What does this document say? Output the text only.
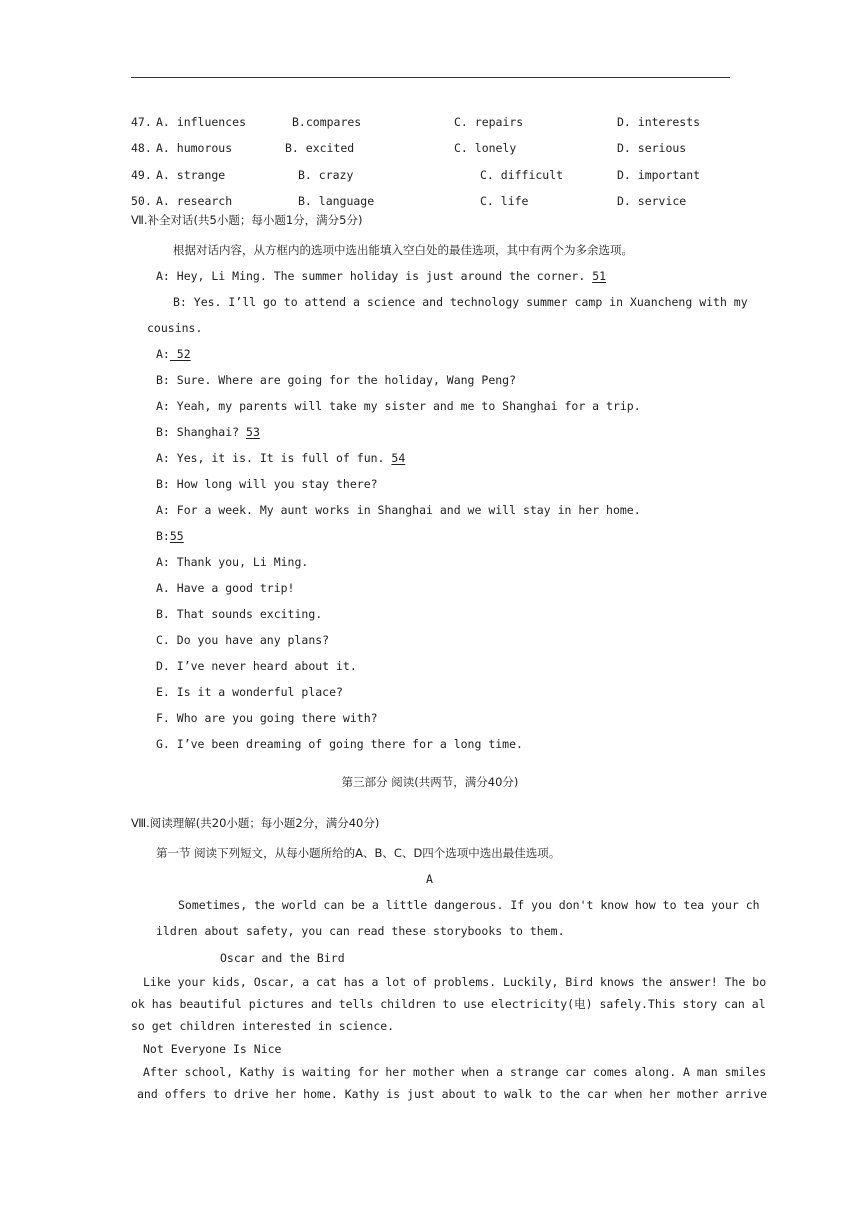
47. A. influences	B.compares	C. repairs	D. interests
48. A. humorous	B. excited	C. lonely	D. serious
49. A. strange	B. crazy	C. difficult	D. important
50. A. research	B. language	C. life	D. service
Ⅶ.补全对话(共5小题；每小题1分，满分5分)
根据对话内容，从方框内的选项中选出能填入空白处的最佳选项，其中有两个为多余选项。
A: Hey, Li Ming. The summer holiday is just around the corner. 51
B: Yes. I’ll go to attend a science and technology summer camp in Xuancheng with my
cousins.
A: 52
B: Sure. Where are going for the holiday, Wang Peng?
A: Yeah, my parents will take my sister and me to Shanghai for a trip.
B: Shanghai? 53
A: Yes, it is. It is full of fun. 54
B: How long will you stay there?
A: For a week. My aunt works in Shanghai and we will stay in her home.
B:55
A: Thank you, Li Ming.
A. Have a good trip!
B. That sounds exciting.
C. Do you have any plans?
D. I’ve never heard about it.
E. Is it a wonderful place?
F. Who are you going there with?
G. I’ve been dreaming of going there for a long time.
第三部分 阅读(共两节，满分40分)
Ⅷ.阅读理解(共20小题；每小题2分，满分40分)
第一节 阅读下列短文，从每小题所给的A、B、C、D四个选项中选出最佳选项。
A
Sometimes, the world can be a little dangerous. If you don't know how to tea your ch
ildren about safety, you can read these storybooks to them.
Oscar and the Bird
Like your kids, Oscar, a cat has a lot of problems. Luckily, Bird knows the answer! The bo
ok has beautiful pictures and tells children to use electricity(电) safely.This story can al
so get children interested in science.
Not Everyone Is Nice
After school, Kathy is waiting for her mother when a strange car comes along. A man smiles
and offers to drive her home. Kathy is just about to walk to the car when her mother arrive
